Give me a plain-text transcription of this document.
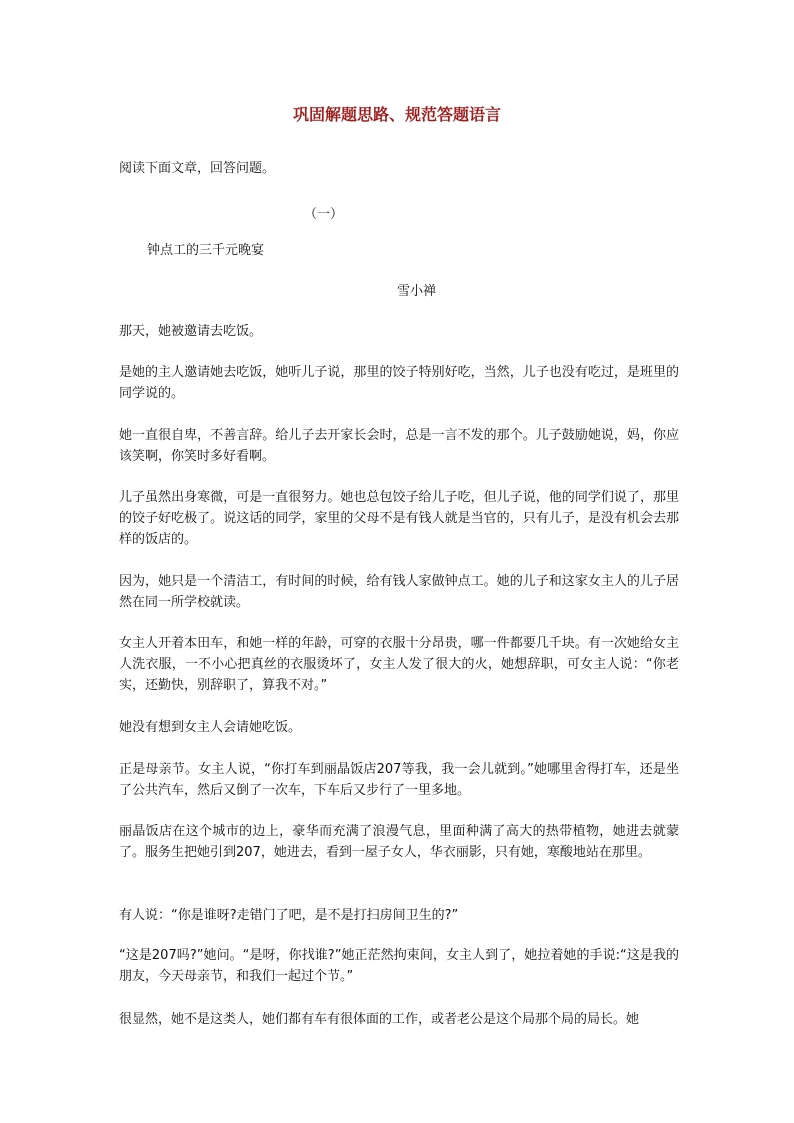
巩固解题思路、规范答题语言
阅读下面文章，回答问题。
（一）
钟点工的三千元晚宴
雪小禅
那天，她被邀请去吃饭。
是她的主人邀请她去吃饭，她听儿子说，那里的饺子特别好吃，当然，儿子也没有吃过，是班里的同学说的。
她一直很自卑，不善言辞。给儿子去开家长会时，总是一言不发的那个。儿子鼓励她说，妈，你应该笑啊，你笑时多好看啊。
儿子虽然出身寒微，可是一直很努力。她也总包饺子给儿子吃，但儿子说，他的同学们说了，那里的饺子好吃极了。说这话的同学，家里的父母不是有钱人就是当官的，只有儿子，是没有机会去那样的饭店的。
因为，她只是一个清洁工，有时间的时候，给有钱人家做钟点工。她的儿子和这家女主人的儿子居然在同一所学校就读。
女主人开着本田车，和她一样的年龄，可穿的衣服十分昂贵，哪一件都要几千块。有一次她给女主人洗衣服，一不小心把真丝的衣服烫坏了，女主人发了很大的火，她想辞职，可女主人说：“你老实，还勤快，别辞职了，算我不对。”
她没有想到女主人会请她吃饭。
正是母亲节。女主人说，“你打车到丽晶饭店207等我，我一会儿就到。”她哪里舍得打车，还是坐了公共汽车，然后又倒了一次车，下车后又步行了一里多地。
丽晶饭店在这个城市的边上，豪华而充满了浪漫气息，里面种满了高大的热带植物，她进去就蒙了。服务生把她引到207，她进去，看到一屋子女人，华衣丽影，只有她，寒酸地站在那里。
有人说：“你是谁呀?走错门了吧，是不是打扫房间卫生的?”
“这是207吗?”她问。“是呀，你找谁?”她正茫然拘束间，女主人到了，她拉着她的手说:“这是我的朋友，今天母亲节，和我们一起过个节。”
很显然，她不是这类人，她们都有车有很体面的工作，或者老公是这个局那个局的局长。她
